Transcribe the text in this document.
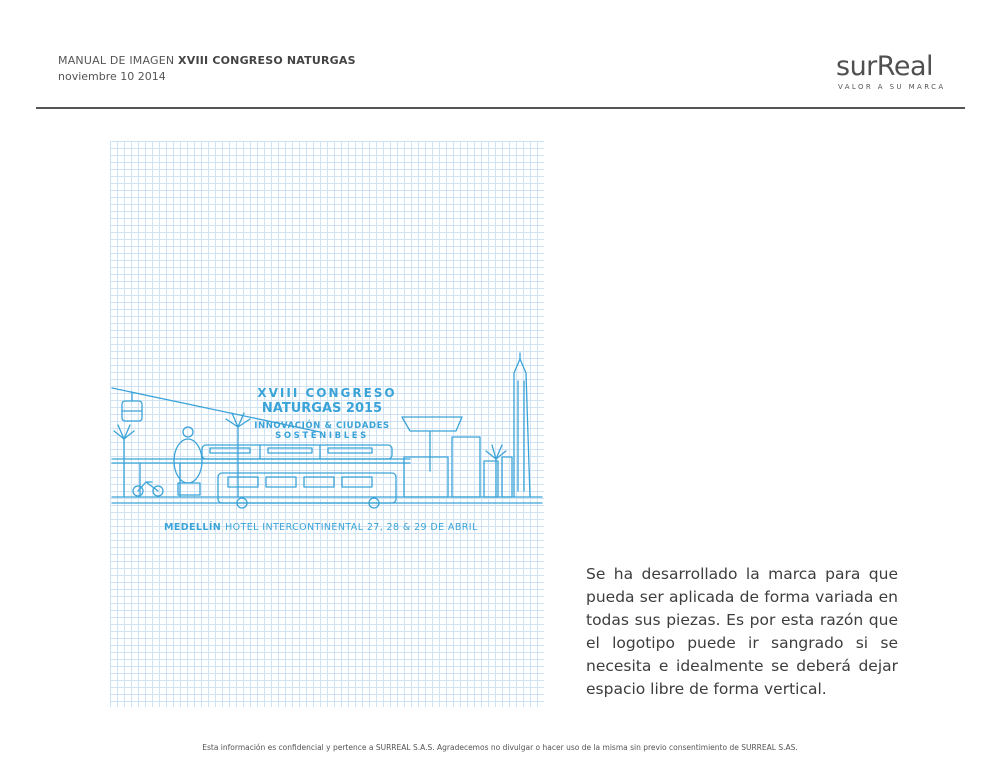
MANUAL DE IMAGEN XVIII CONGRESO NATURGAS
noviembre 10 2014	surReal
VALOR A SU MARCA
XVIII CONGRESO
NATURGAS 2015
INNOVACIÓN & CIUDADES
SOSTENIBLES
MEDELLÍN HOTEL INTERCONTINENTAL 27, 28 & 29 DE ABRIL

Se ha desarrollado la marca para que pueda ser aplicada de forma variada en todas sus piezas. Es por esta razón que el logotipo puede ir sangrado si se necesita e idealmente se deberá dejar espacio libre de forma vertical.

Esta información es confidencial y pertence a SURREAL S.A.S. Agradecemos no divulgar o hacer uso de la misma sin previo consentimiento de SURREAL S.AS.
